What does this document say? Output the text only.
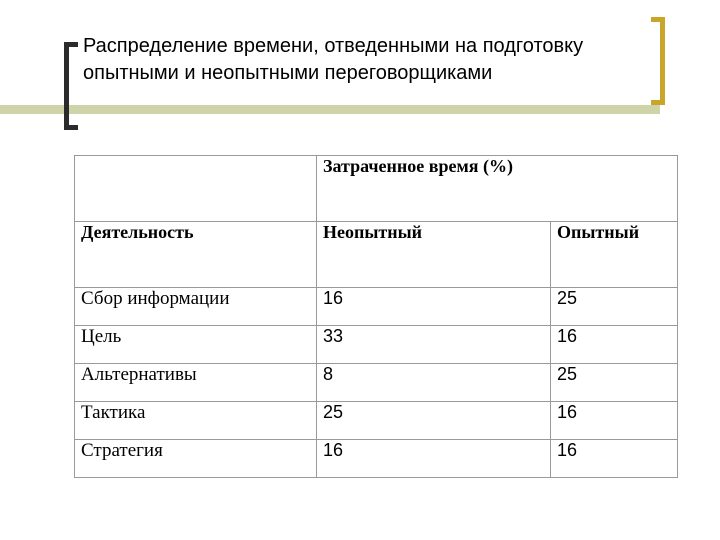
Распределение времени, отведенными на подготовку опытными и неопытными переговорщиками
	Затраченное время (%)	
Деятельность	Неопытный	Опытный
Сбор информации	16	25
Цель	33	16
Альтернативы	8	25
Тактика	25	16
Стратегия	16	16
